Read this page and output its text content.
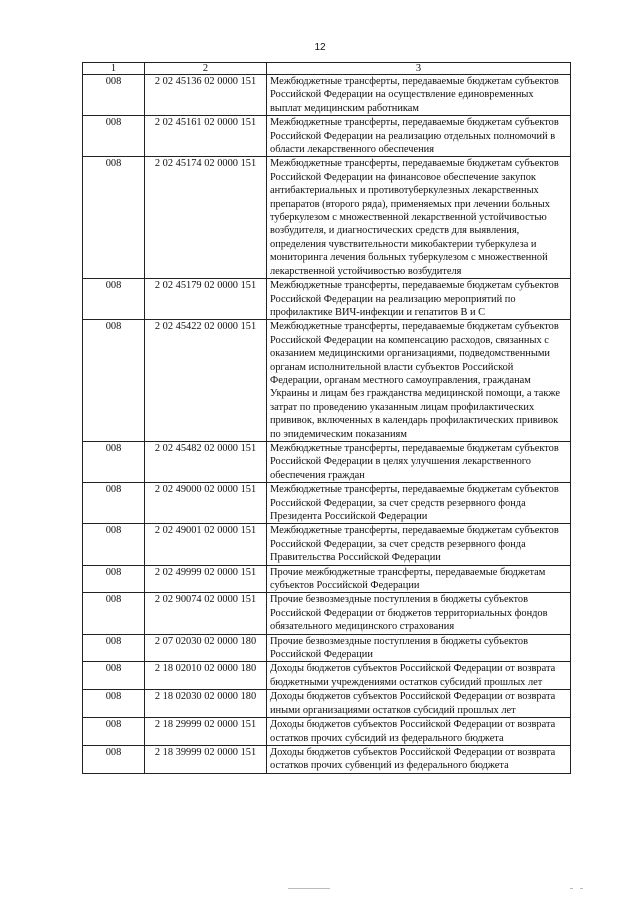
12
1	2	3
008	2 02 45136 02 0000 151	Межбюджетные трансферты, передаваемые бюджетам субъектов Российской Федерации на осуществление единовременных выплат медицинским работникам
008	2 02 45161 02 0000 151	Межбюджетные трансферты, передаваемые бюджетам субъектов Российской Федерации на реализацию отдельных полномочий в области лекарственного обеспечения
008	2 02 45174 02 0000 151	Межбюджетные трансферты, передаваемые бюджетам субъектов Российской Федерации на финансовое обеспечение закупок антибактериальных и противотуберкулезных лекарственных препаратов (второго ряда), применяемых при лечении больных туберкулезом с множественной лекарственной устойчивостью возбудителя, и диагностических средств для выявления, определения чувствительности микобактерии туберкулеза и мониторинга лечения больных туберкулезом с множественной лекарственной устойчивостью возбудителя
008	2 02 45179 02 0000 151	Межбюджетные трансферты, передаваемые бюджетам субъектов Российской Федерации на реализацию мероприятий по профилактике ВИЧ-инфекции и гепатитов В и С
008	2 02 45422 02 0000 151	Межбюджетные трансферты, передаваемые бюджетам субъектов Российской Федерации на компенсацию расходов, связанных с оказанием медицинскими организациями, подведомственными органам исполнительной власти субъектов Российской Федерации, органам местного самоуправления, гражданам Украины и лицам без гражданства медицинской помощи, а также затрат по проведению указанным лицам профилактических прививок, включенных в календарь профилактических прививок по эпидемическим показаниям
008	2 02 45482 02 0000 151	Межбюджетные трансферты, передаваемые бюджетам субъектов Российской Федерации в целях улучшения лекарственного обеспечения граждан
008	2 02 49000 02 0000 151	Межбюджетные трансферты, передаваемые бюджетам субъектов Российской Федерации, за счет средств резервного фонда Президента Российской Федерации
008	2 02 49001 02 0000 151	Межбюджетные трансферты, передаваемые бюджетам субъектов Российской Федерации, за счет средств резервного фонда Правительства Российской Федерации
008	2 02 49999 02 0000 151	Прочие межбюджетные трансферты, передаваемые бюджетам субъектов Российской Федерации
008	2 02 90074 02 0000 151	Прочие безвозмездные поступления в бюджеты субъектов Российской Федерации от бюджетов территориальных фондов обязательного медицинского страхования
008	2 07 02030 02 0000 180	Прочие безвозмездные поступления в бюджеты субъектов Российской Федерации
008	2 18 02010 02 0000 180	Доходы бюджетов субъектов Российской Федерации от возврата бюджетными учреждениями остатков субсидий прошлых лет
008	2 18 02030 02 0000 180	Доходы бюджетов субъектов Российской Федерации от возврата иными организациями остатков субсидий прошлых лет
008	2 18 29999 02 0000 151	Доходы бюджетов субъектов Российской Федерации от возврата остатков прочих субсидий из федерального бюджета
008	2 18 39999 02 0000 151	Доходы бюджетов субъектов Российской Федерации от возврата остатков прочих субвенций из федерального бюджета
